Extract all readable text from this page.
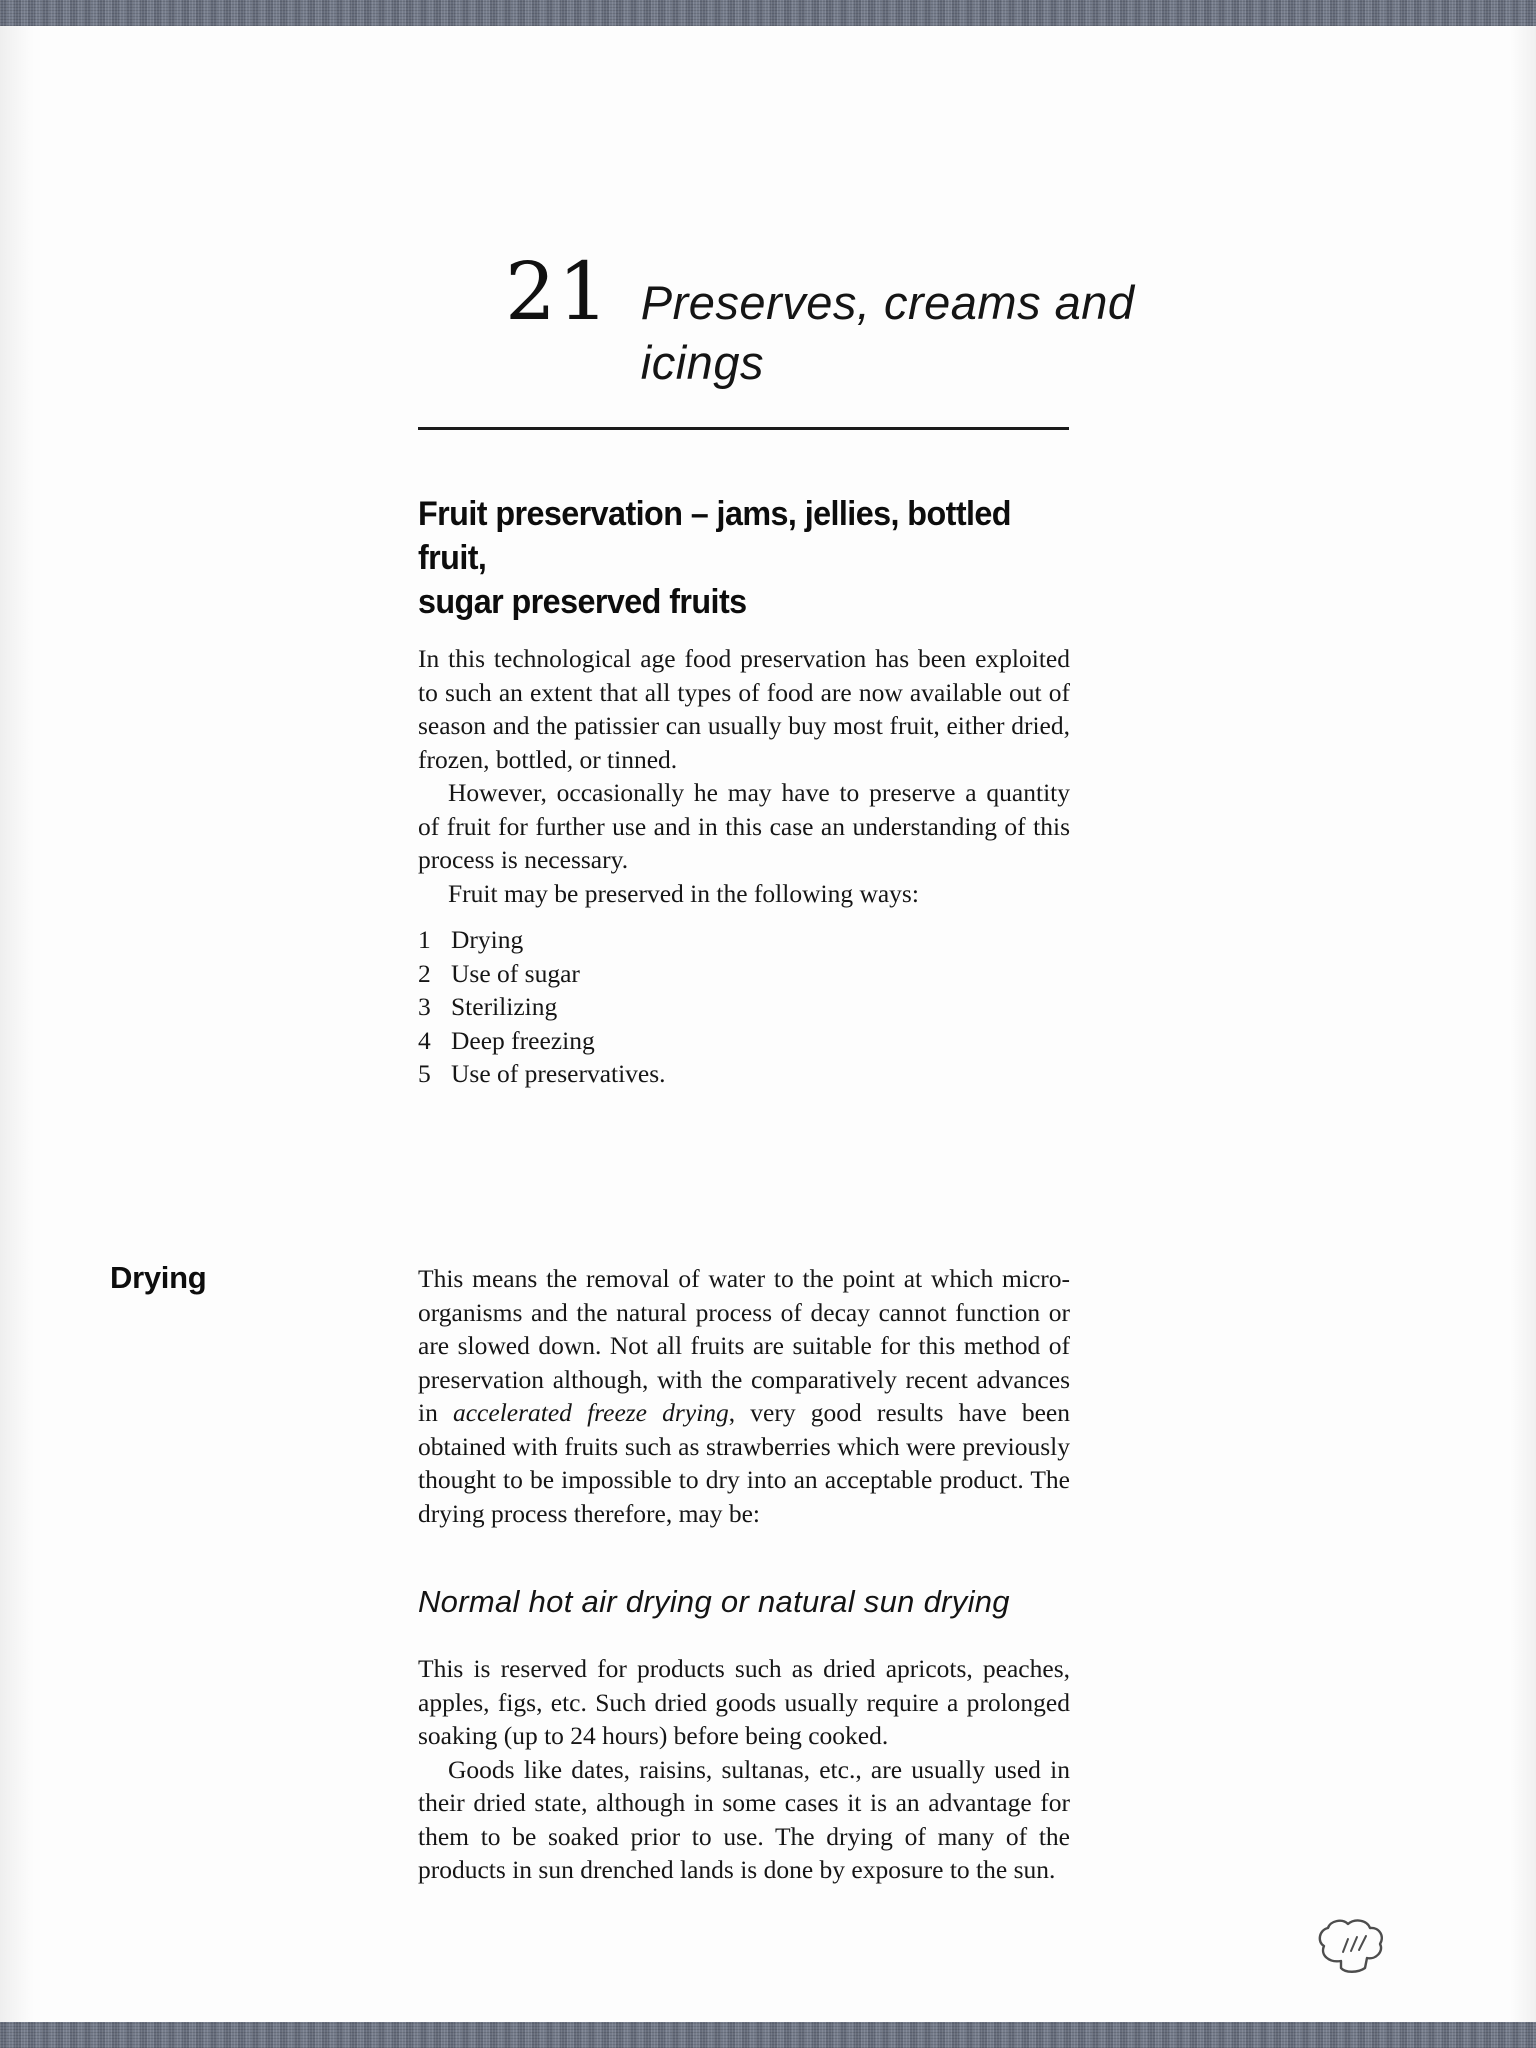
21 Preserves, creams and
icings
Fruit preservation – jams, jellies, bottled fruit,
sugar preserved fruits

In this technological age food preservation has been exploited to such an extent that all types of food are now available out of season and the patissier can usually buy most fruit, either dried, frozen, bottled, or tinned.

However, occasionally he may have to preserve a quantity of fruit for further use and in this case an understanding of this process is necessary.

Fruit may be preserved in the following ways:

1 Drying
2 Use of sugar
3 Sterilizing
4 Deep freezing
5 Use of preservatives.
Drying	This means the removal of water to the point at which micro-organisms and the natural process of decay cannot function or are slowed down. Not all fruits are suitable for this method of preservation although, with the comparatively recent advances in accelerated freeze drying, very good results have been obtained with fruits such as strawberries which were previously thought to be impossible to dry into an acceptable product. The drying process therefore, may be:

Normal hot air drying or natural sun drying

This is reserved for products such as dried apricots, peaches, apples, figs, etc. Such dried goods usually require a prolonged soaking (up to 24 hours) before being cooked.

Goods like dates, raisins, sultanas, etc., are usually used in their dried state, although in some cases it is an advantage for them to be soaked prior to use. The drying of many of the products in sun drenched lands is done by exposure to the sun.
